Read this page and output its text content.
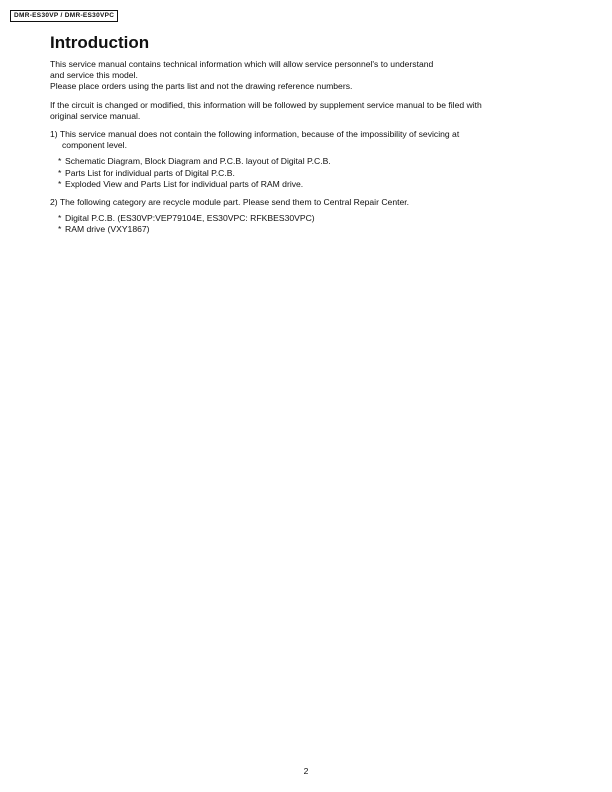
DMR-ES30VP / DMR-ES30VPC
Introduction

This service manual contains technical information which will allow service personnel's to understand

and service this model.

Please place orders using the parts list and not the drawing reference numbers.

If the circuit is changed or modified, this information will be followed by supplement service manual to be filed with

original service manual.

1) This service manual does not contain the following information, because of the impossibility of sevicing at

component level.

* Schematic Diagram, Block Diagram and P.C.B. layout of Digital P.C.B.
* Parts List for individual parts of Digital P.C.B.
* Exploded View and Parts List for individual parts of RAM drive.

2) The following category are recycle module part. Please send them to Central Repair Center.

* Digital P.C.B. (ES30VP:VEP79104E, ES30VPC: RFKBES30VPC)
* RAM drive (VXY1867)
2
